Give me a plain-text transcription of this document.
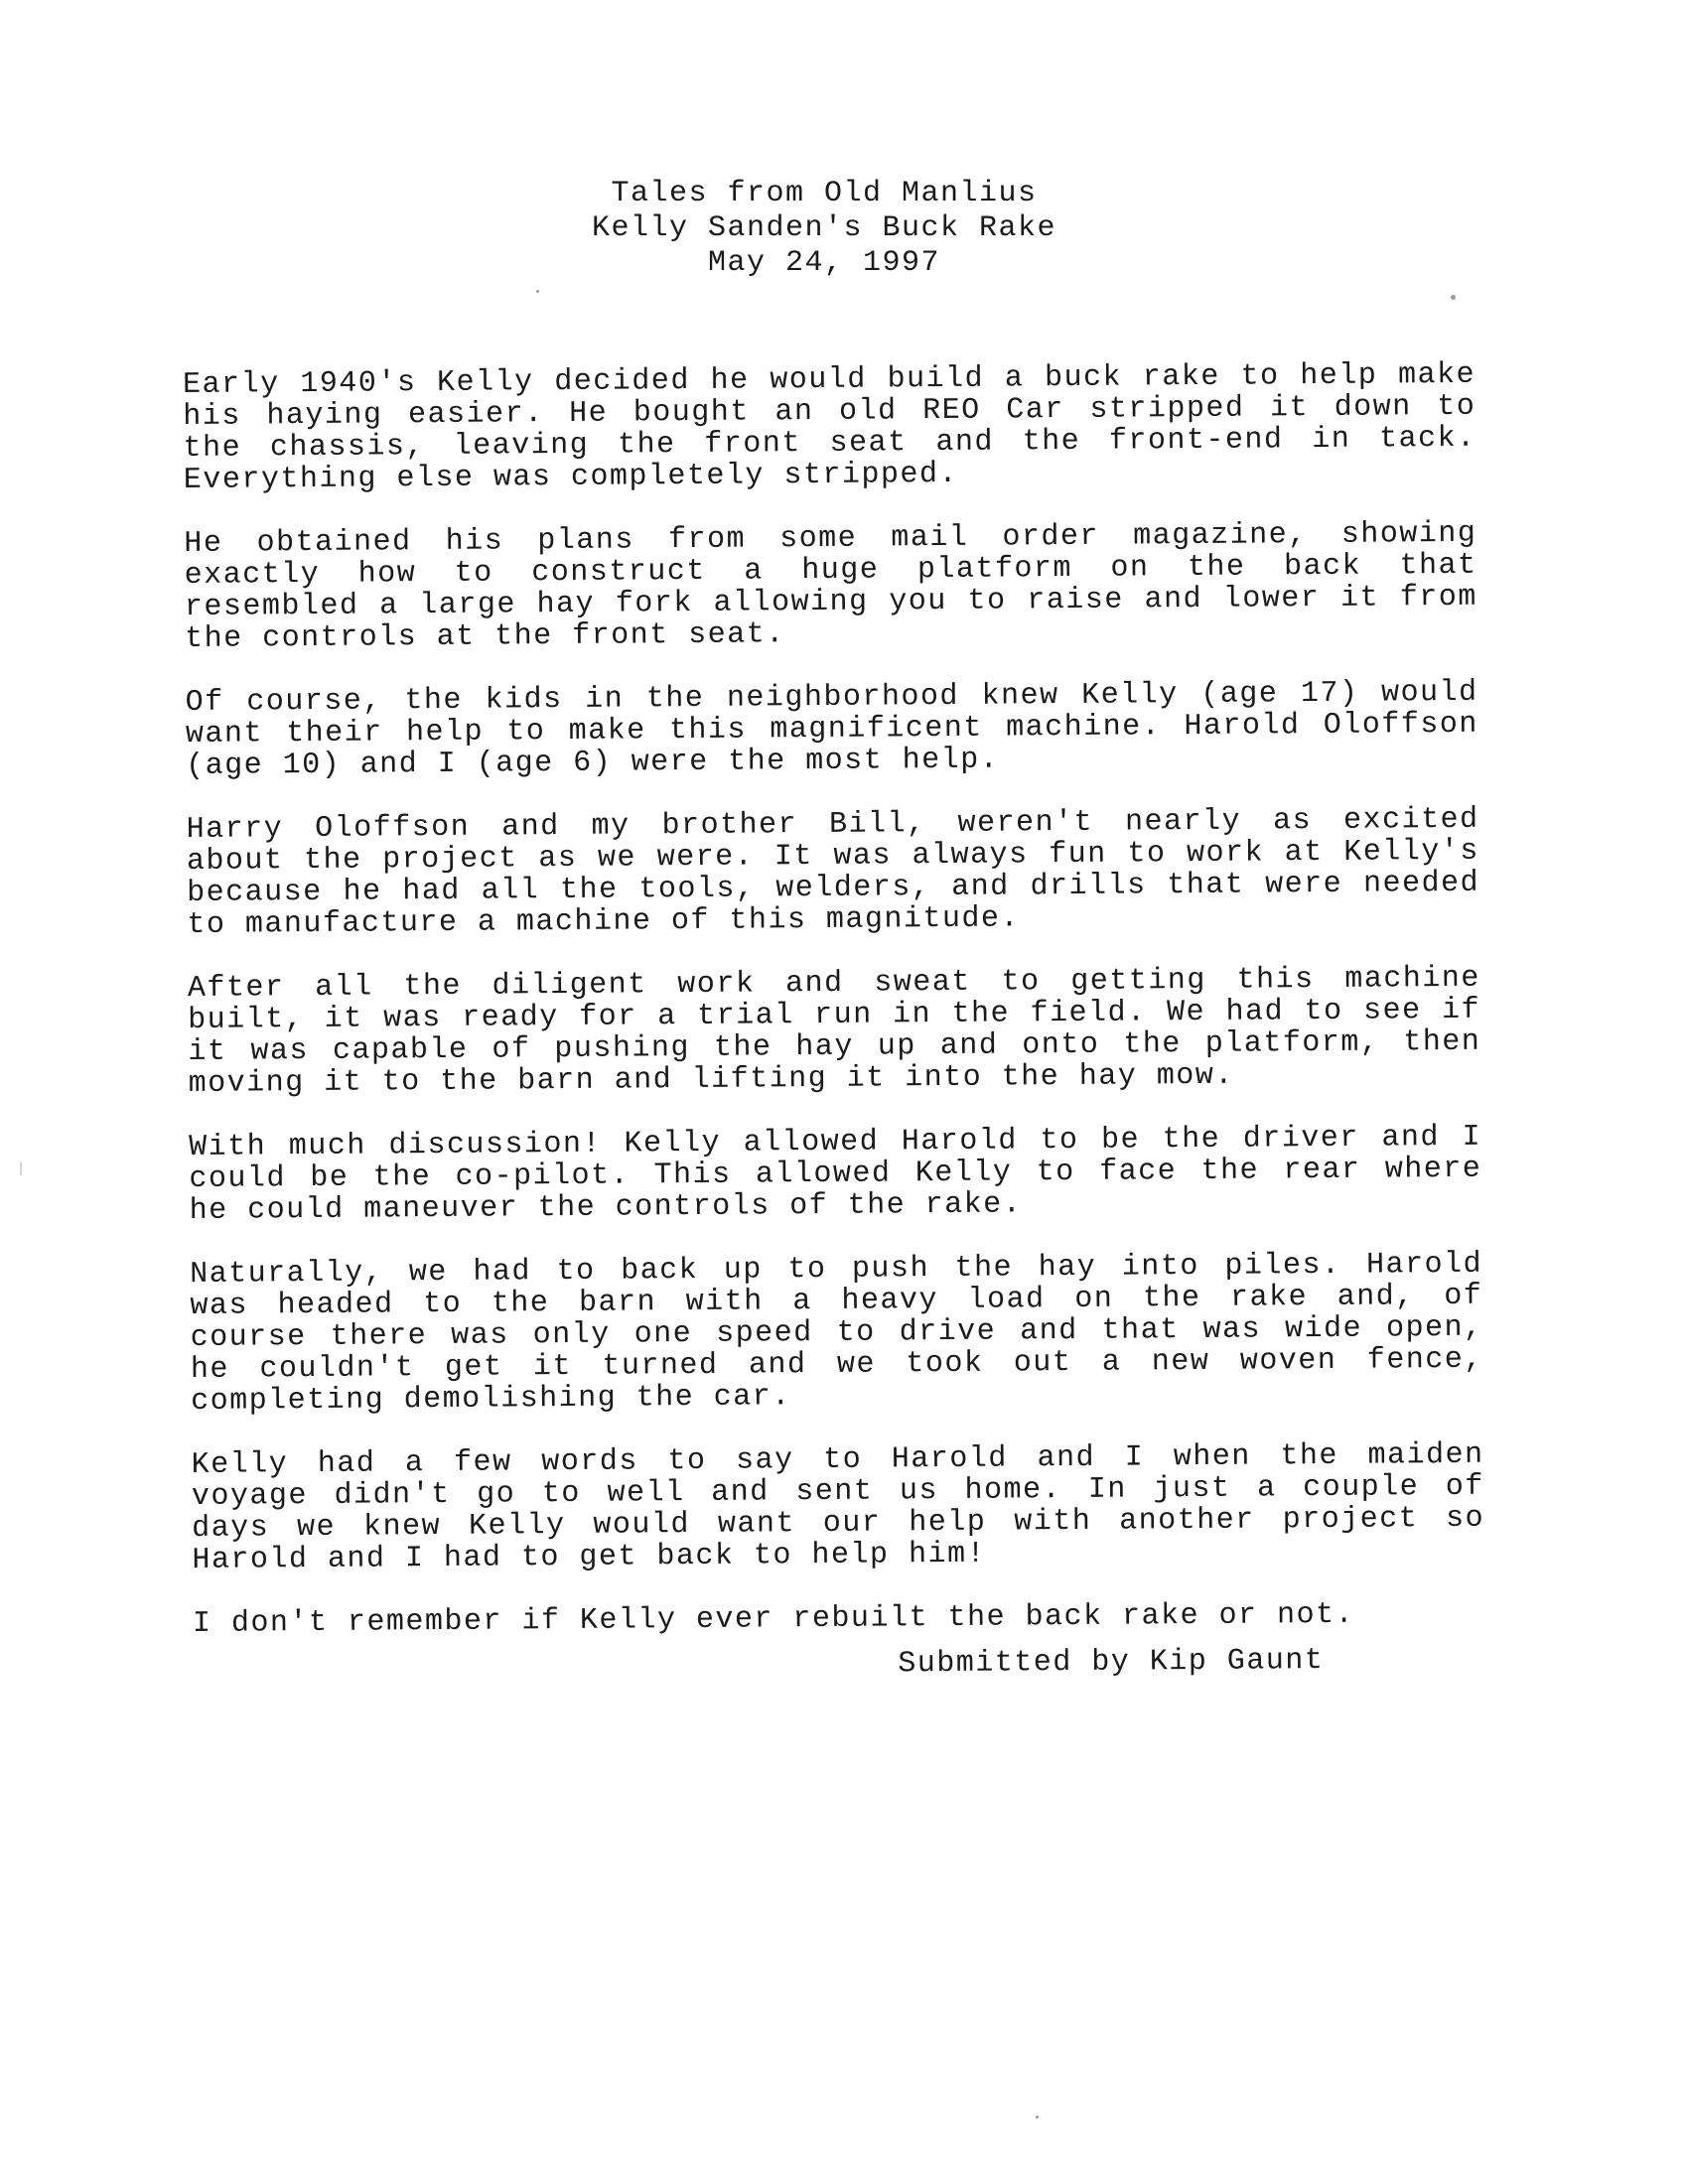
Tales from Old Manlius
Kelly Sanden's Buck Rake
May 24, 1997

Early 1940's Kelly decided he would build a buck rake to help make his haying easier. He bought an old REO Car stripped it down to the chassis, leaving the front seat and the front-end in tack. Everything else was completely stripped.

He obtained his plans from some mail order magazine, showing exactly how to construct a huge platform on the back that resembled a large hay fork allowing you to raise and lower it from the controls at the front seat.

Of course, the kids in the neighborhood knew Kelly (age 17) would want their help to make this magnificent machine. Harold Oloffson (age 10) and I (age 6) were the most help.

Harry Oloffson and my brother Bill, weren't nearly as excited about the project as we were. It was always fun to work at Kelly's because he had all the tools, welders, and drills that were needed to manufacture a machine of this magnitude.

After all the diligent work and sweat to getting this machine built, it was ready for a trial run in the field. We had to see if it was capable of pushing the hay up and onto the platform, then moving it to the barn and lifting it into the hay mow.

With much discussion! Kelly allowed Harold to be the driver and I could be the co-pilot. This allowed Kelly to face the rear where he could maneuver the controls of the rake.

Naturally, we had to back up to push the hay into piles. Harold was headed to the barn with a heavy load on the rake and, of course there was only one speed to drive and that was wide open, he couldn't get it turned and we took out a new woven fence, completing demolishing the car.

Kelly had a few words to say to Harold and I when the maiden voyage didn't go to well and sent us home. In just a couple of days we knew Kelly would want our help with another project so Harold and I had to get back to help him!

I don't remember if Kelly ever rebuilt the back rake or not.

Submitted by Kip Gaunt
